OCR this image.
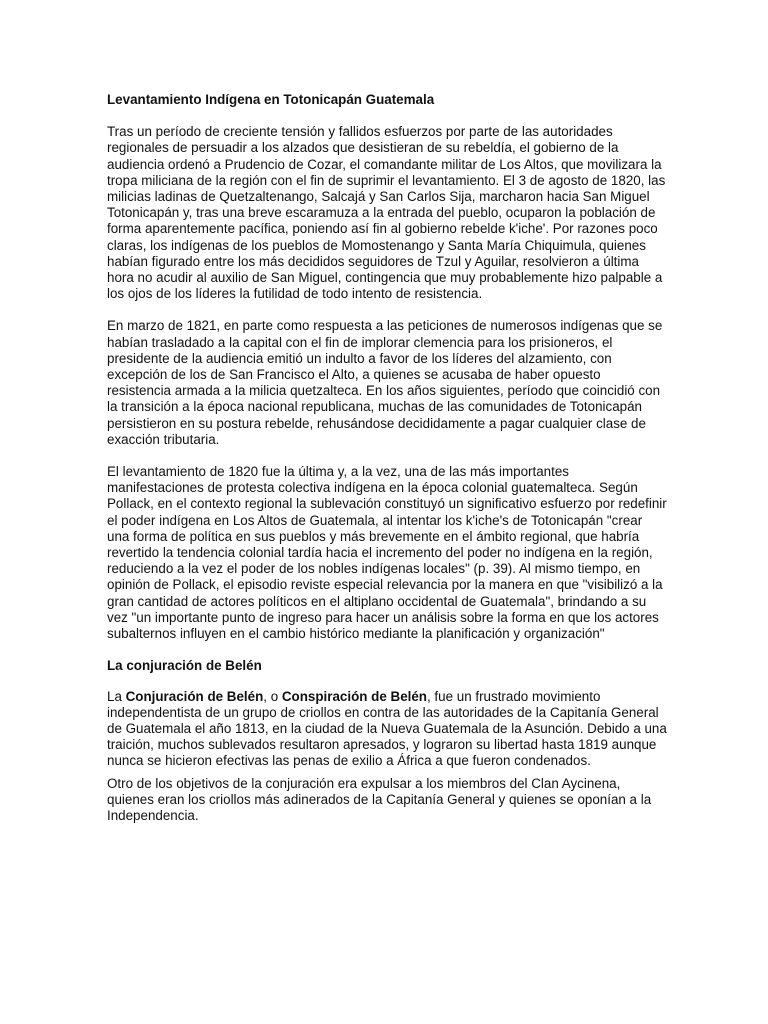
Levantamiento Indígena en Totonicapán Guatemala

Tras un período de creciente tensión y fallidos esfuerzos por parte de las autoridades regionales de persuadir a los alzados que desistieran de su rebeldía, el gobierno de la audiencia ordenó a Prudencio de Cozar, el comandante militar de Los Altos, que movilizara la tropa miliciana de la región con el fin de suprimir el levantamiento. El 3 de agosto de 1820, las milicias ladinas de Quetzaltenango, Salcajá y San Carlos Sija, marcharon hacia San Miguel Totonicapán y, tras una breve escaramuza a la entrada del pueblo, ocuparon la población de forma aparentemente pacífica, poniendo así fin al gobierno rebelde k'iche'. Por razones poco claras, los indígenas de los pueblos de Momostenango y Santa María Chiquimula, quienes habían figurado entre los más decididos seguidores de Tzul y Aguilar, resolvieron a última hora no acudir al auxilio de San Miguel, contingencia que muy probablemente hizo palpable a los ojos de los líderes la futilidad de todo intento de resistencia.

En marzo de 1821, en parte como respuesta a las peticiones de numerosos indígenas que se habían trasladado a la capital con el fin de implorar clemencia para los prisioneros, el presidente de la audiencia emitió un indulto a favor de los líderes del alzamiento, con excepción de los de San Francisco el Alto, a quienes se acusaba de haber opuesto resistencia armada a la milicia quetzalteca. En los años siguientes, período que coincidió con la transición a la época nacional republicana, muchas de las comunidades de Totonicapán persistieron en su postura rebelde, rehusándose decididamente a pagar cualquier clase de exacción tributaria.

El levantamiento de 1820 fue la última y, a la vez, una de las más importantes manifestaciones de protesta colectiva indígena en la época colonial guatemalteca. Según Pollack, en el contexto regional la sublevación constituyó un significativo esfuerzo por redefinir el poder indígena en Los Altos de Guatemala, al intentar los k'iche's de Totonicapán "crear una forma de política en sus pueblos y más brevemente en el ámbito regional, que habría revertido la tendencia colonial tardía hacia el incremento del poder no indígena en la región, reduciendo a la vez el poder de los nobles indígenas locales" (p. 39). Al mismo tiempo, en opinión de Pollack, el episodio reviste especial relevancia por la manera en que "visibilizó a la gran cantidad de actores políticos en el altiplano occidental de Guatemala", brindando a su vez "un importante punto de ingreso para hacer un análisis sobre la forma en que los actores subalternos influyen en el cambio histórico mediante la planificación y organización"

La conjuración de Belén

La Conjuración de Belén, o Conspiración de Belén, fue un frustrado movimiento independentista de un grupo de criollos en contra de las autoridades de la Capitanía General de Guatemala el año 1813, en la ciudad de la Nueva Guatemala de la Asunción. Debido a una traición, muchos sublevados resultaron apresados, y lograron su libertad hasta 1819 aunque nunca se hicieron efectivas las penas de exilio a África a que fueron condenados.

Otro de los objetivos de la conjuración era expulsar a los miembros del Clan Aycinena, quienes eran los criollos más adinerados de la Capitanía General y quienes se oponían a la Independencia.
